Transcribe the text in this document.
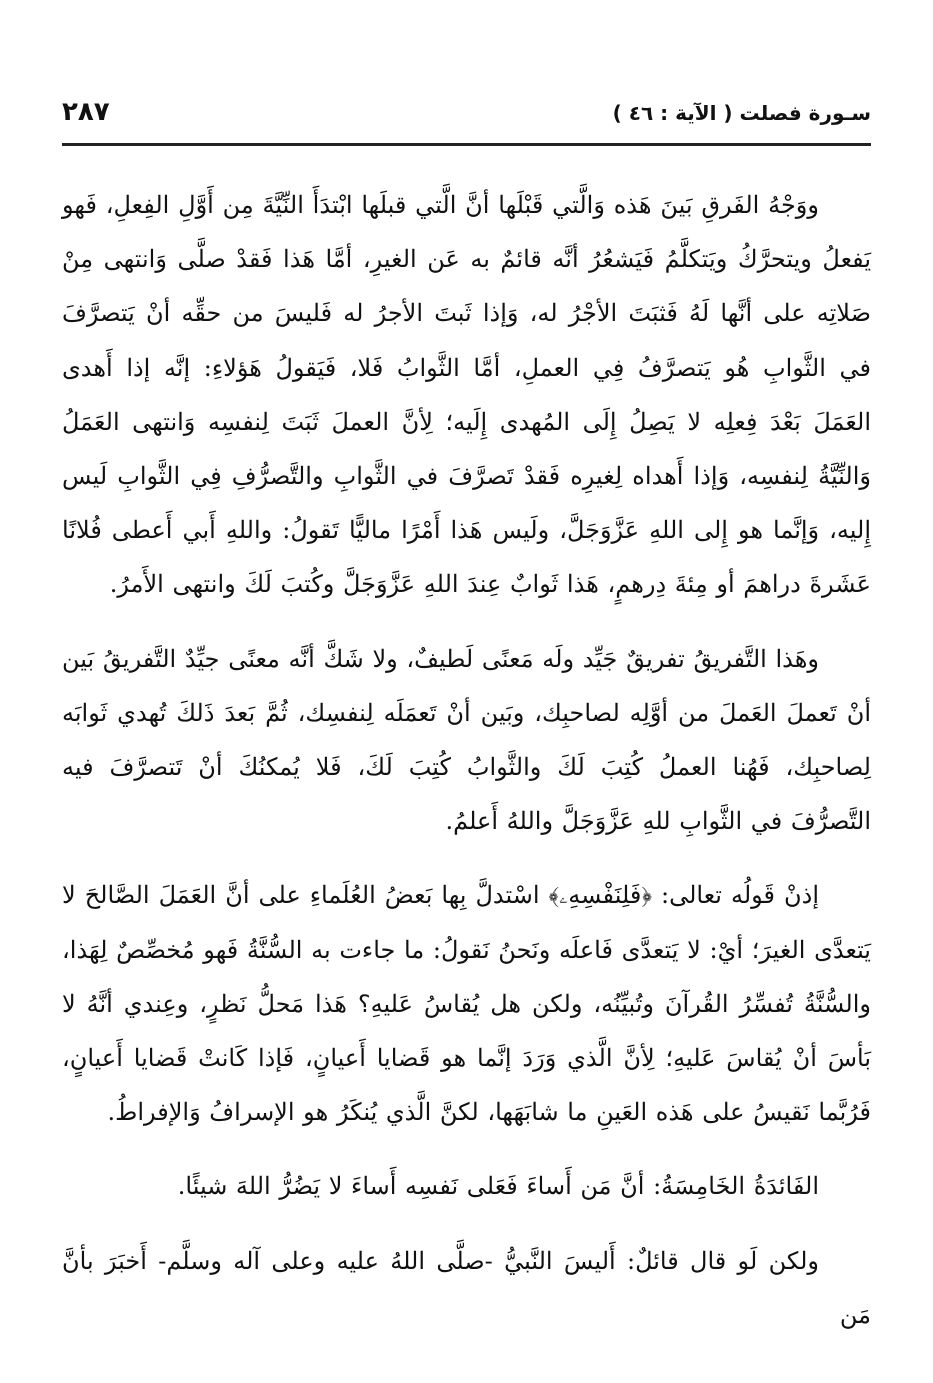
سـورة فصلت ( الآية : ٤٦ )
٢٨٧

ووَجْهُ الفَرقِ بَينَ هَذه وَالَّتي قَبْلَها أنَّ الَّتي قبلَها ابْتدَأَ النِّيَّةَ مِن أَوَّلِ الفِعلِ، فَهو يَفعلُ ويتحرَّكُ ويَتكلَّمُ فَيَشعُرُ أنَّه قائمٌ به عَن الغيرِ، أمَّا هَذا فَقدْ صلَّى وَانتهى مِنْ صَلاتِه على أنَّها لَهُ فَثبَتَ الأجْرُ له، وَإذا ثَبتَ الأجرُ له فَليسَ من حقِّه أنْ يَتصرَّفَ في الثَّوابِ هُو يَتصرَّفُ فِي العملِ، أمَّا الثَّوابُ فَلا، فَيَقولُ هَؤلاءِ: إنَّه إذا أَهدى العَمَلَ بَعْدَ فِعلِه لا يَصِلُ إِلَى المُهدى إِلَيه؛ لِأنَّ العملَ ثَبَتَ لِنفسِه وَانتهى العَمَلُ وَالنِّيَّةُ لِنفسِه، وَإذا أَهداه لِغيرِه فَقدْ تَصرَّفَ في الثَّوابِ والتَّصرُّفِ فِي الثَّوابِ لَيس إِليه، وَإنَّما هو إِلى اللهِ عَزَّوَجَلَّ، ولَيس هَذا أَمْرًا ماليًّا تَقولُ: واللهِ أَبي أَعطى فُلانًا عَشَرةَ دراهمَ أو مِئةَ دِرهمٍ، هَذا ثَوابٌ عِندَ اللهِ عَزَّوَجَلَّ وكُتبَ لَكَ وانتهى الأَمرُ.

وهَذا التَّفريقُ تفريقٌ جَيِّد ولَه مَعنًى لَطيفٌ، ولا شَكَّ أنَّه معنًى جيِّدٌ التَّفريقُ بَين أنْ تَعملَ العَملَ من أوَّلِه لصاحبِك، وبَين أنْ تَعمَلَه لِنفسِك، ثُمَّ بَعدَ ذَلكَ تُهدي ثَوابَه لِصاحبِك، فَهُنا العملُ كُتِبَ لَكَ والثَّوابُ كُتِبَ لَكَ، فَلا يُمكنُكَ أنْ تَتصرَّفَ فيه التَّصرُّفَ في الثَّوابِ للهِ عَزَّوَجَلَّ واللهُ أَعلمُ.

إذنْ قَولُه تعالى: ﴿فَلِنَفْسِهِۦ﴾ اسْتدلَّ بِها بَعضُ العُلَماءِ على أنَّ العَمَلَ الصَّالحَ لا يَتعدَّى الغيرَ؛ أيْ: لا يَتعدَّى فَاعلَه ونَحنُ نَقولُ: ما جاءت به السُّنَّةُ فَهو مُخصِّصٌ لِهَذا، والسُّنَّةُ تُفسِّرُ القُرآنَ وتُبيِّنُه، ولكن هل يُقاسُ عَليهِ؟ هَذا مَحلُّ نَظرٍ، وعِندي أنَّهُ لا بَأسَ أنْ يُقاسَ عَليهِ؛ لِأنَّ الَّذي وَرَدَ إنَّما هو قَضايا أَعيانٍ، فَإذا كَانتْ قَضايا أَعيانٍ، فَرُبَّما نَقيسُ على هَذه العَينِ ما شابَهَها، لكنَّ الَّذي يُنكَرُ هو الإسرافُ وَالإفراطُ.

الفَائدَةُ الخَامِسَةُ: أنَّ مَن أَساءَ فَعَلى نَفسِه أَساءَ لا يَضُرُّ اللهَ شيئًا.

ولكن لَو قال قائلٌ: أَليسَ النَّبيُّ -صلَّى اللهُ عليه وعلى آله وسلَّم- أَخبَرَ بأنَّ مَن
